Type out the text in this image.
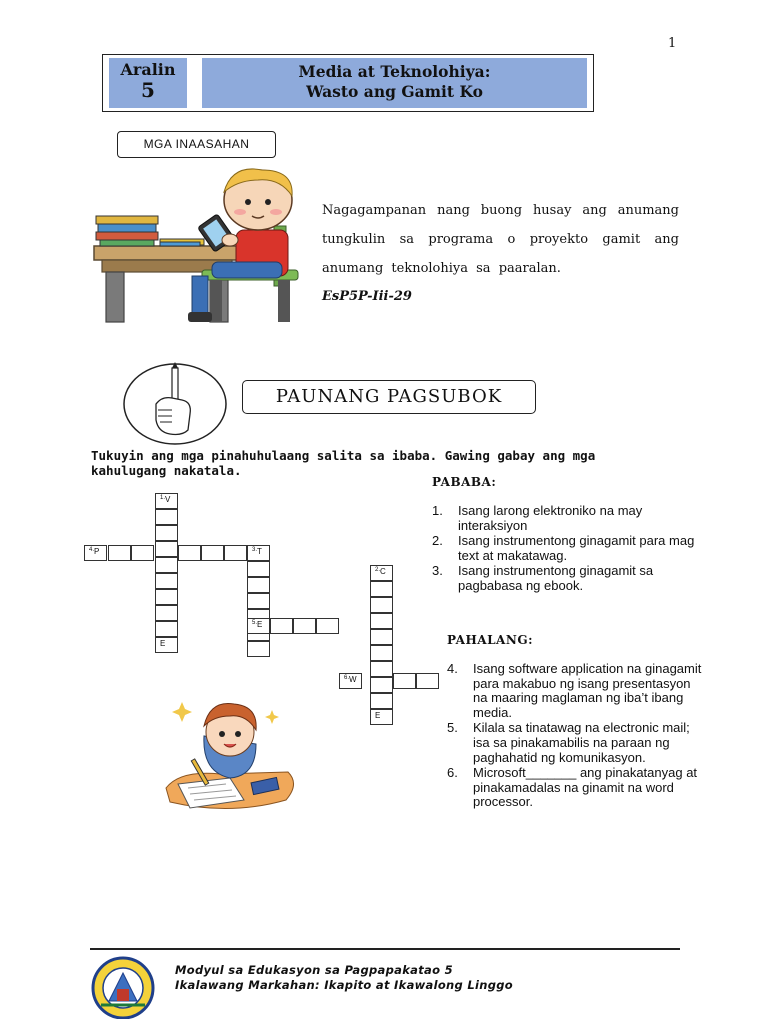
1
Aralin
5
Media at Teknolohiya:
Wasto ang Gamit Ko
MGA INAASAHAN
Nagagampanan nang buong husay ang anumang tungkulin sa programa o proyekto gamit ang anumang teknolohiya sa paaralan.
EsP5P-Iii-29
PAUNANG PAGSUBOK
Tukuyin ang mga pinahuhulaang salita sa ibaba. Gawing gabay ang mga kahulugang nakatala.
PABABA:
1. Isang larong elektroniko na may interaksiyon
2. Isang instrumentong ginagamit para mag text at makatawag.
3. Isang instrumentong ginagamit sa pagbabasa ng ebook.
PAHALANG:
4. Isang software application na ginagamit para makabuo ng isang presentasyon na maaring maglaman ng iba’t ibang media.
5. Kilala sa tinatawag na electronic mail; isa sa pinakamabilis na paraan ng paghahatid ng komunikasyon.
6. Microsoft_______ ang pinakatanyag at pinakamadalas na ginamit na word processor.
$^{1.}$V
E
$^{4.}$P	$^{3.}$T
$^{2.}$C
E
$^{6.}$W
$^{5.}$E
Modyul sa Edukasyon sa Pagpapakatao 5
Ikalawang Markahan: Ikapito at Ikawalong Linggo
